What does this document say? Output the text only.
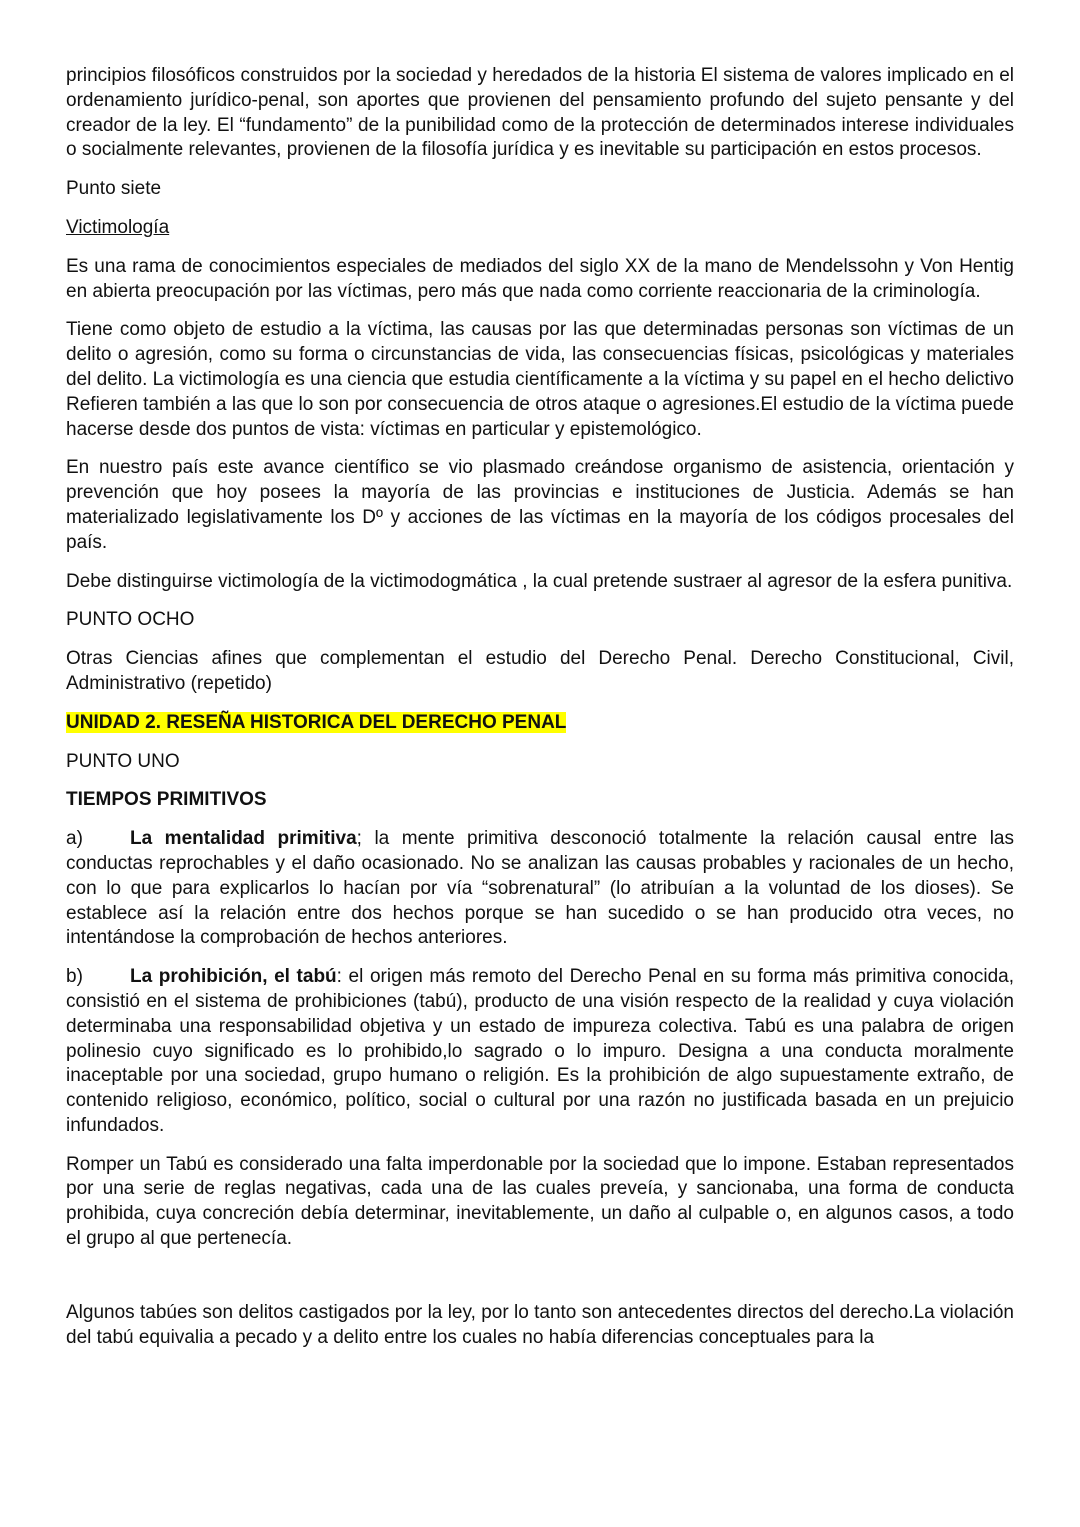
principios filosóficos construidos por la sociedad y heredados de la historia El sistema de valores implicado en el ordenamiento jurídico-penal, son aportes que provienen del pensamiento profundo del sujeto pensante y del creador de la ley. El “fundamento” de la punibilidad como de la protección de determinados interese individuales o socialmente relevantes, provienen de la filosofía jurídica y es inevitable su participación en estos procesos.

Punto siete

Victimología

Es una rama de conocimientos especiales de mediados del siglo XX de la mano de Mendelssohn y Von Hentig en abierta preocupación por las víctimas, pero más que nada como corriente reaccionaria de la criminología.

Tiene como objeto de estudio a la víctima, las causas por las que determinadas personas son víctimas de un delito o agresión, como su forma o circunstancias de vida, las consecuencias físicas, psicológicas y materiales del delito. La victimología es una ciencia que estudia científicamente a la víctima y su papel en el hecho delictivo Refieren también a las que lo son por consecuencia de otros ataque o agresiones.El estudio de la víctima puede hacerse desde dos puntos de vista: víctimas en particular y epistemológico.

En nuestro país este avance científico se vio plasmado creándose organismo de asistencia, orientación y prevención que hoy posees la mayoría de las provincias e instituciones de Justicia. Además se han materializado legislativamente los Dº y acciones de las víctimas en la mayoría de los códigos procesales del país.

Debe distinguirse victimología de la victimodogmática , la cual pretende sustraer al agresor de la esfera punitiva.

PUNTO OCHO

Otras Ciencias afines que complementan el estudio del Derecho Penal. Derecho Constitucional, Civil, Administrativo (repetido)

UNIDAD 2. RESEÑA HISTORICA DEL DERECHO PENAL

PUNTO UNO

TIEMPOS PRIMITIVOS

a) La mentalidad primitiva; la mente primitiva desconoció totalmente la relación causal entre las conductas reprochables y el daño ocasionado. No se analizan las causas probables y racionales de un hecho, con lo que para explicarlos lo hacían por vía “sobrenatural” (lo atribuían a la voluntad de los dioses). Se establece así la relación entre dos hechos porque se han sucedido o se han producido otra veces, no intentándose la comprobación de hechos anteriores.

b) La prohibición, el tabú: el origen más remoto del Derecho Penal en su forma más primitiva conocida, consistió en el sistema de prohibiciones (tabú), producto de una visión respecto de la realidad y cuya violación determinaba una responsabilidad objetiva y un estado de impureza colectiva. Tabú es una palabra de origen polinesio cuyo significado es lo prohibido,lo sagrado o lo impuro. Designa a una conducta moralmente inaceptable por una sociedad, grupo humano o religión. Es la prohibición de algo supuestamente extraño, de contenido religioso, económico, político, social o cultural por una razón no justificada basada en un prejuicio infundados.

Romper un Tabú es considerado una falta imperdonable por la sociedad que lo impone. Estaban representados por una serie de reglas negativas, cada una de las cuales preveía, y sancionaba, una forma de conducta prohibida, cuya concreción debía determinar, inevitablemente, un daño al culpable o, en algunos casos, a todo el grupo al que pertenecía.

Algunos tabúes son delitos castigados por la ley, por lo tanto son antecedentes directos del derecho.La violación del tabú equivalia a pecado y a delito entre los cuales no había diferencias conceptuales para la
